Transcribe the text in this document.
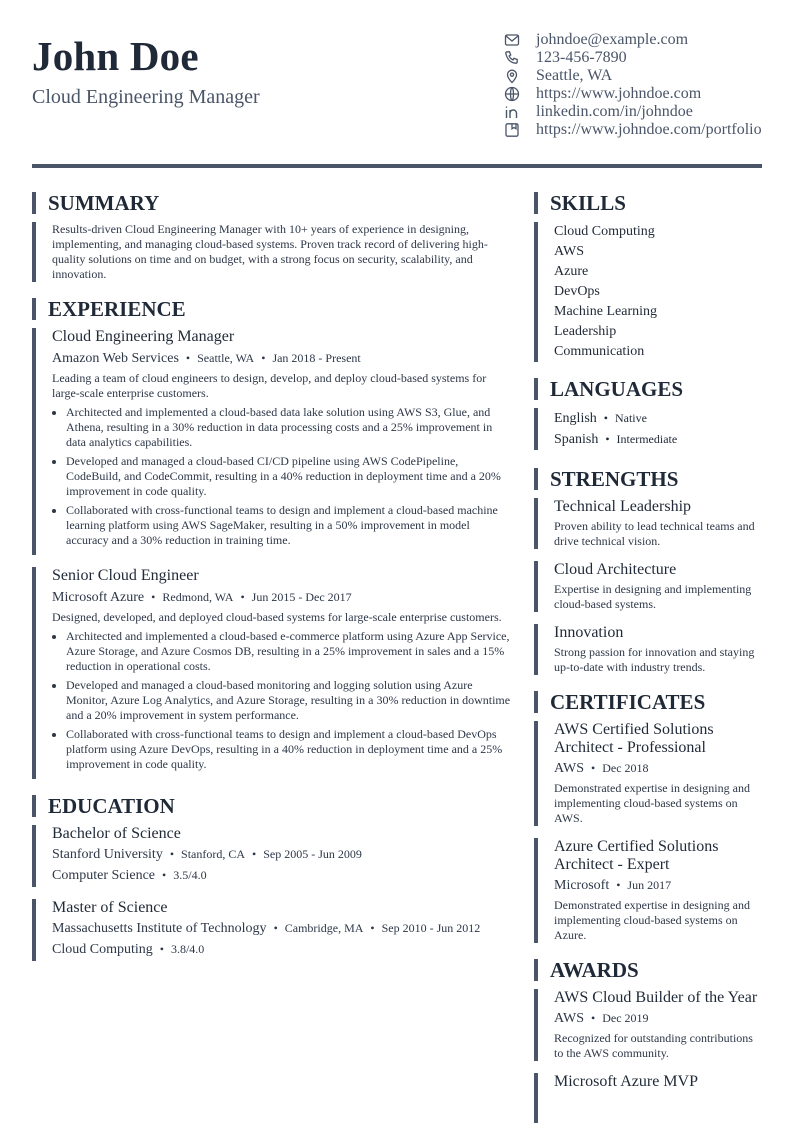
John Doe
Cloud Engineering Manager
johndoe@example.com
123-456-7890
Seattle, WA
https://www.johndoe.com
linkedin.com/in/johndoe
https://www.johndoe.com/portfolio
SUMMARY
Results-driven Cloud Engineering Manager with 10+ years of experience in designing, implementing, and managing cloud-based systems. Proven track record of delivering high-quality solutions on time and on budget, with a strong focus on security, scalability, and innovation.
EXPERIENCE
Cloud Engineering Manager
Amazon Web Services • Seattle, WA • Jan 2018 - Present
Leading a team of cloud engineers to design, develop, and deploy cloud-based systems for large-scale enterprise customers.
• Architected and implemented a cloud-based data lake solution using AWS S3, Glue, and Athena, resulting in a 30% reduction in data processing costs and a 25% improvement in data analytics capabilities.
• Developed and managed a cloud-based CI/CD pipeline using AWS CodePipeline, CodeBuild, and CodeCommit, resulting in a 40% reduction in deployment time and a 20% improvement in code quality.
• Collaborated with cross-functional teams to design and implement a cloud-based machine learning platform using AWS SageMaker, resulting in a 50% improvement in model accuracy and a 30% reduction in training time.
Senior Cloud Engineer
Microsoft Azure • Redmond, WA • Jun 2015 - Dec 2017
Designed, developed, and deployed cloud-based systems for large-scale enterprise customers.
• Architected and implemented a cloud-based e-commerce platform using Azure App Service, Azure Storage, and Azure Cosmos DB, resulting in a 25% improvement in sales and a 15% reduction in operational costs.
• Developed and managed a cloud-based monitoring and logging solution using Azure Monitor, Azure Log Analytics, and Azure Storage, resulting in a 30% reduction in downtime and a 20% improvement in system performance.
• Collaborated with cross-functional teams to design and implement a cloud-based DevOps platform using Azure DevOps, resulting in a 40% reduction in deployment time and a 25% improvement in code quality.
EDUCATION
Bachelor of Science
Stanford University • Stanford, CA • Sep 2005 - Jun 2009
Computer Science • 3.5/4.0
Master of Science
Massachusetts Institute of Technology • Cambridge, MA • Sep 2010 - Jun 2012
Cloud Computing • 3.8/4.0
SKILLS
Cloud Computing
AWS
Azure
DevOps
Machine Learning
Leadership
Communication
LANGUAGES
English • Native
Spanish • Intermediate
STRENGTHS
Technical Leadership
Proven ability to lead technical teams and drive technical vision.
Cloud Architecture
Expertise in designing and implementing cloud-based systems.
Innovation
Strong passion for innovation and staying up-to-date with industry trends.
CERTIFICATES
AWS Certified Solutions Architect - Professional
AWS • Dec 2018
Demonstrated expertise in designing and implementing cloud-based systems on AWS.
Azure Certified Solutions Architect - Expert
Microsoft • Jun 2017
Demonstrated expertise in designing and implementing cloud-based systems on Azure.
AWARDS
AWS Cloud Builder of the Year
AWS • Dec 2019
Recognized for outstanding contributions to the AWS community.
Microsoft Azure MVP
